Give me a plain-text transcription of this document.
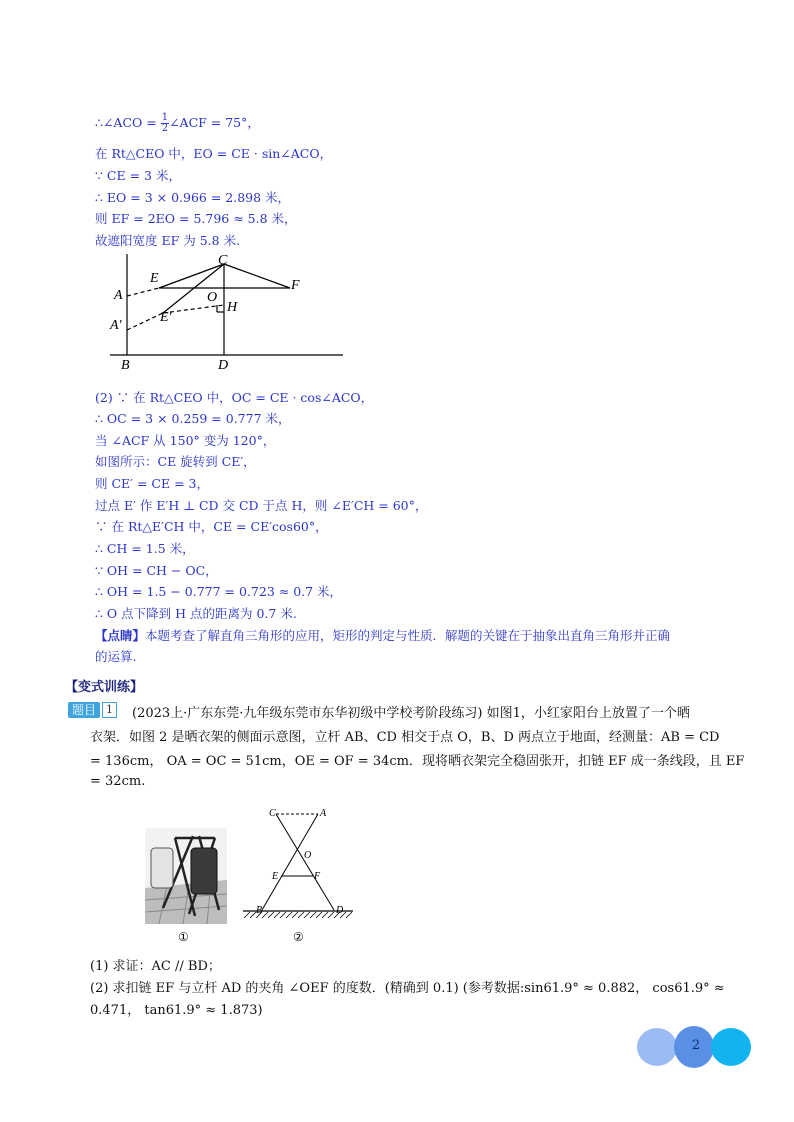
∴∠ACO = $\frac{1}{2}$ ∠ACF = 75°，
在 Rt△CEO 中，EO = CE · sin∠ACO，
∵ CE = 3 米，
∴ EO = 3 × 0.966 = 2.898 米，
则 EF = 2EO = 5.796 ≈ 5.8 米，
故遮阳宽度 EF 为 5.8 米.
C
E	F
A	O
H
E′
A′
B	D
(2) ∵ 在 Rt△CEO 中，OC = CE · cos∠ACO，
∴ OC = 3 × 0.259 = 0.777 米，
当 ∠ACF 从 150° 变为 120°，
如图所示：CE 旋转到 CE′，
则 CE′ = CE = 3，
过点 E′ 作 E′H ⊥ CD 交 CD 于点 H，则 ∠E′CH = 60°，
∵ 在 Rt△E′CH 中，CE = CE′cos60°，
∴ CH = 1.5 米，
∵ OH = CH − OC，
∴ OH = 1.5 − 0.777 = 0.723 ≈ 0.7 米，
∴ O 点下降到 H 点的距离为 0.7 米.
【点睛】本题考查了解直角三角形的应用，矩形的判定与性质．解题的关键在于抽象出直角三角形并正确
的运算.
【变式训练】
题目 1	(2023上·广东东莞·九年级东莞市东华初级中学校考阶段练习) 如图1，小红家阳台上放置了一个晒
衣架．如图 2 是晒衣架的侧面示意图，立杆 AB、CD 相交于点 O，B、D 两点立于地面，经测量：AB = CD
= 136cm， OA = OC = 51cm，OE = OF = 34cm．现将晒衣架完全稳固张开，扣链 EF 成一条线段，且 EF
= 32cm.
①
C	A
O
E	F
B	D
②
(1) 求证：AC // BD；
(2) 求扣链 EF 与立杆 AD 的夹角 ∠OEF 的度数．(精确到 0.1) (参考数据:sin61.9° ≈ 0.882， cos61.9° ≈
0.471， tan61.9° ≈ 1.873)
2
